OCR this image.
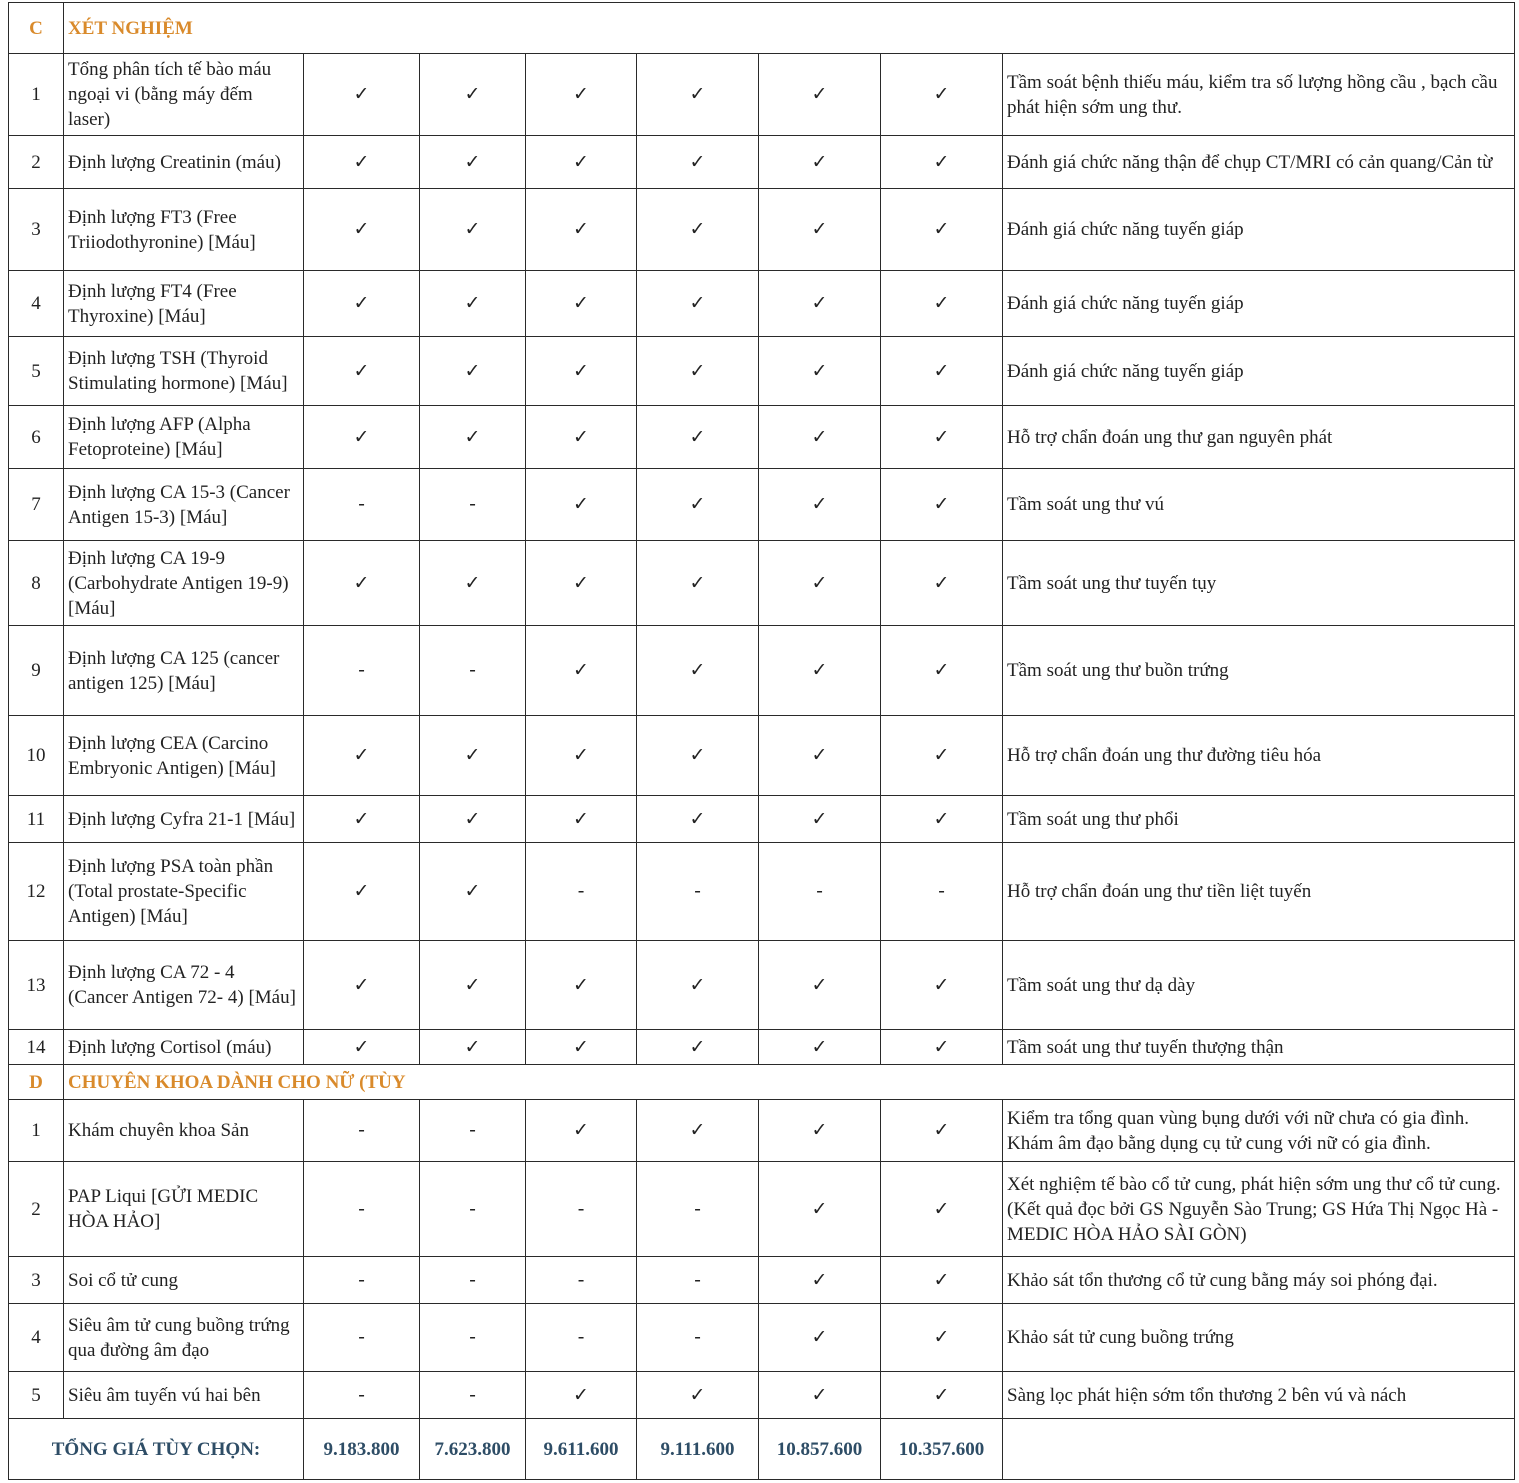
C	XÉT NGHIỆM							
1	Tổng phân tích tế bào máu ngoại vi (bằng máy đếm laser)	✓	✓	✓	✓	✓	✓	Tầm soát bệnh thiếu máu, kiểm tra số lượng hồng cầu , bạch cầu phát hiện sớm ung thư.
2	Định lượng Creatinin (máu)	✓	✓	✓	✓	✓	✓	Đánh giá chức năng thận để chụp CT/MRI có cản quang/Cản từ
3	Định lượng FT3 (Free Triiodothyronine) [Máu]	✓	✓	✓	✓	✓	✓	Đánh giá chức năng tuyến giáp
4	Định lượng FT4 (Free Thyroxine) [Máu]	✓	✓	✓	✓	✓	✓	Đánh giá chức năng tuyến giáp
5	Định lượng TSH (Thyroid Stimulating hormone) [Máu]	✓	✓	✓	✓	✓	✓	Đánh giá chức năng tuyến giáp
6	Định lượng AFP (Alpha Fetoproteine) [Máu]	✓	✓	✓	✓	✓	✓	Hỗ trợ chẩn đoán ung thư gan nguyên phát
7	Định lượng CA 15-3 (Cancer Antigen 15-3) [Máu]	-	-	✓	✓	✓	✓	Tầm soát ung thư vú
8	Định lượng CA 19-9 (Carbohydrate Antigen 19-9) [Máu]	✓	✓	✓	✓	✓	✓	Tầm soát ung thư tuyến tụy
9	Định lượng CA 125 (cancer antigen 125) [Máu]	-	-	✓	✓	✓	✓	Tầm soát ung thư buồn trứng
10	Định lượng CEA (Carcino Embryonic Antigen) [Máu]	✓	✓	✓	✓	✓	✓	Hỗ trợ chẩn đoán ung thư đường tiêu hóa
11	Định lượng Cyfra 21-1 [Máu]	✓	✓	✓	✓	✓	✓	Tầm soát ung thư phổi
12	Định lượng PSA toàn phần (Total prostate-Specific Antigen) [Máu]	✓	✓	-	-	-	-	Hỗ trợ chẩn đoán ung thư tiền liệt tuyến
13	Định lượng CA 72 - 4 (Cancer Antigen 72- 4) [Máu]	✓	✓	✓	✓	✓	✓	Tầm soát ung thư dạ dày
14	Định lượng Cortisol (máu)	✓	✓	✓	✓	✓	✓	Tầm soát ung thư tuyến thượng thận
D	CHUYÊN KHOA DÀNH CHO NỮ (TÙY							
1	Khám chuyên khoa Sản	-	-	✓	✓	✓	✓	Kiểm tra tổng quan vùng bụng dưới với nữ chưa có gia đình. Khám âm đạo bằng dụng cụ tử cung với nữ có gia đình.
2	PAP Liqui [GỬI MEDIC HÒA HẢO]	-	-	-	-	✓	✓	Xét nghiệm tế bào cổ tử cung, phát hiện sớm ung thư cổ tử cung. (Kết quả đọc bởi GS Nguyễn Sào Trung; GS Hứa Thị Ngọc Hà - MEDIC HÒA HẢO SÀI GÒN)
3	Soi cổ tử cung	-	-	-	-	✓	✓	Khảo sát tổn thương cổ tử cung bằng máy soi phóng đại.
4	Siêu âm tử cung buồng trứng qua đường âm đạo	-	-	-	-	✓	✓	Khảo sát tử cung buồng trứng
5	Siêu âm tuyến vú hai bên	-	-	✓	✓	✓	✓	Sàng lọc phát hiện sớm tổn thương 2 bên vú và nách
TỔNG GIÁ TÙY CHỌN:		9.183.800	7.623.800	9.611.600	9.111.600	10.857.600	10.357.600	
